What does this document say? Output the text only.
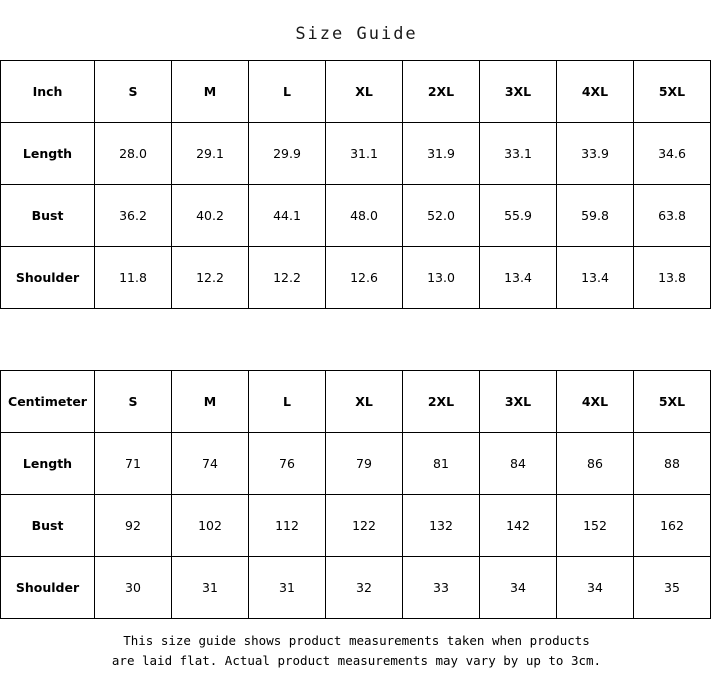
Size Guide
Inch	S	M	L	XL	2XL	3XL	4XL	5XL
Length	28.0	29.1	29.9	31.1	31.9	33.1	33.9	34.6
Bust	36.2	40.2	44.1	48.0	52.0	55.9	59.8	63.8
Shoulder	11.8	12.2	12.2	12.6	13.0	13.4	13.4	13.8
Centimeter	S	M	L	XL	2XL	3XL	4XL	5XL
Length	71	74	76	79	81	84	86	88
Bust	92	102	112	122	132	142	152	162
Shoulder	30	31	31	32	33	34	34	35
This size guide shows product measurements taken when products
are laid flat. Actual product measurements may vary by up to 3cm.
